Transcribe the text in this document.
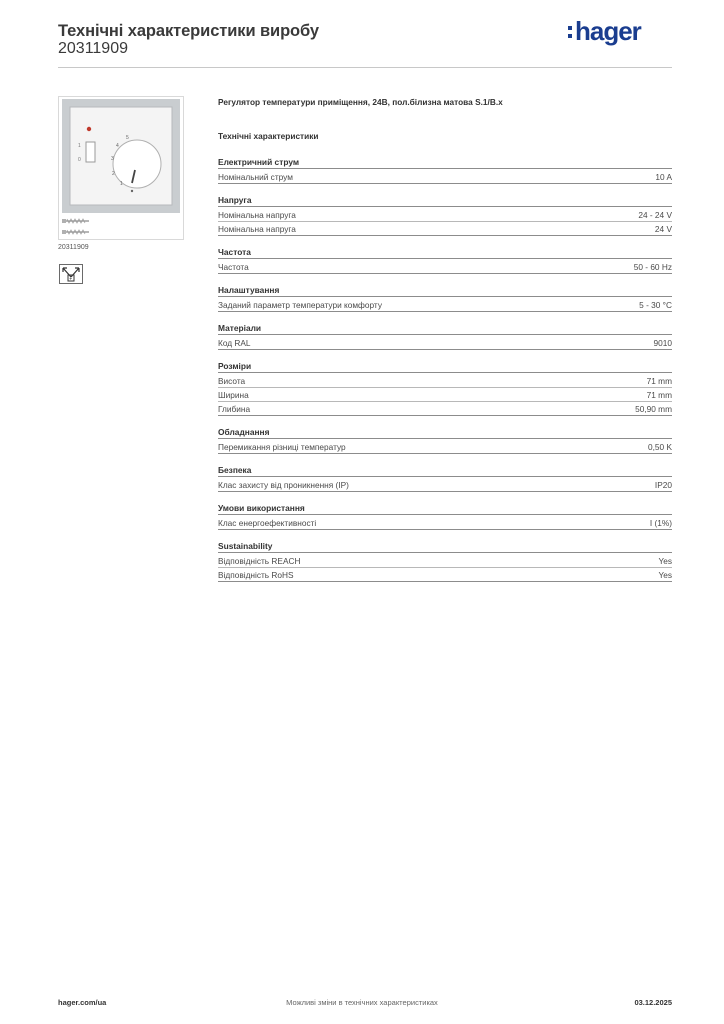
Технічні характеристики виробу
20311909
hager
1
0
5
4
3
2
1
20311909
+
Регулятор температури приміщення, 24В, пол.білизна матова S.1/B.x
Технічні характеристики
Електричний струм
Номінальний струм	10 A
Напруга
Номінальна напруга	24 - 24 V
Номінальна напруга	24 V
Частота
Частота	50 - 60 Hz
Налаштування
Заданий параметр температури комфорту	5 - 30 °C
Матеріали
Код RAL	9010
Розміри
Висота	71 mm
Ширина	71 mm
Глибина	50,90 mm
Обладнання
Перемикання різниці температур	0,50 K
Безпека
Клас захисту від проникнення (IP)	IP20
Умови використання
Клас енергоефективності	I (1%)
Sustainability
Відповідність REACH	Yes
Відповідність RoHS	Yes
hager.com/ua	Можливі зміни в технічних характеристиках	03.12.2025
